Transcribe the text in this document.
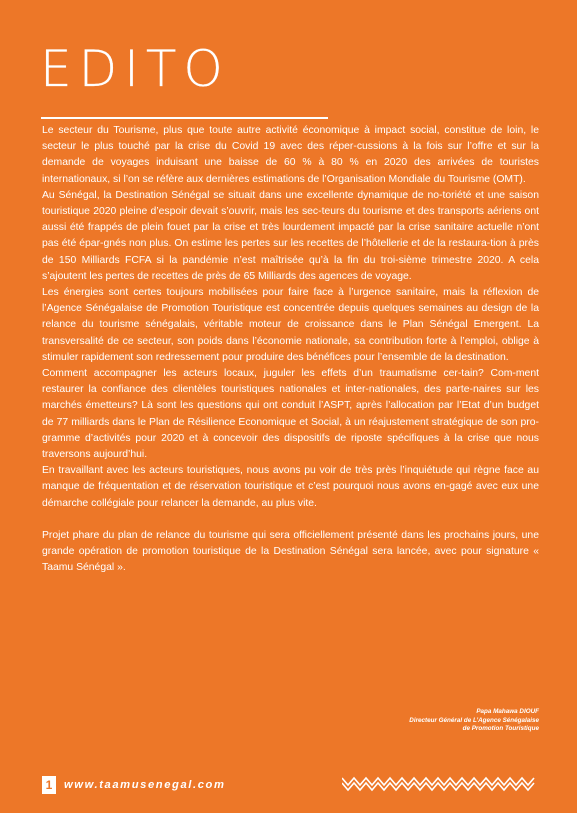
EDITO

Le secteur du Tourisme, plus que toute autre activité économique à impact social, constitue de loin, le secteur le plus touché par la crise du Covid 19 avec des réper-cussions à la fois sur l’offre et sur la demande de voyages induisant une baisse de 60 % à 80 % en 2020 des arrivées de touristes internationaux, si l’on se réfère aux dernières estimations de l’Organisation Mondiale du Tourisme (OMT).

Au Sénégal, la Destination Sénégal se situait dans une excellente dynamique de no-toriété et une saison touristique 2020 pleine d’espoir devait s’ouvrir, mais les sec-teurs du tourisme et des transports aériens ont aussi été frappés de plein fouet par la crise et très lourdement impacté par la crise sanitaire actuelle n’ont pas été épar-gnés non plus. On estime les pertes sur les recettes de l’hôtellerie et de la restaura-tion à près de 150 Milliards FCFA si la pandémie n’est maîtrisée qu’à la fin du troi-sième trimestre 2020. A cela s’ajoutent les pertes de recettes de près de 65 Milliards des agences de voyage.

Les énergies sont certes toujours mobilisées pour faire face à l’urgence sanitaire, mais la réflexion de l’Agence Sénégalaise de Promotion Touristique est concentrée depuis quelques semaines au design de la relance du tourisme sénégalais, véritable moteur de croissance dans le Plan Sénégal Emergent. La transversalité de ce secteur, son poids dans l’économie nationale, sa contribution forte à l’emploi, oblige à stimuler rapidement son redressement pour produire des bénéfices pour l’ensemble de la destination.

Comment accompagner les acteurs locaux, juguler les effets d’un traumatisme cer-tain? Com-ment restaurer la confiance des clientèles touristiques nationales et inter-nationales, des parte-naires sur les marchés émetteurs? Là sont les questions qui ont conduit l’ASPT, après l’allocation par l’Etat d’un budget de 77 milliards dans le Plan de Résilience Economique et Social, à un réajustement stratégique de son pro-gramme d’activités pour 2020 et à concevoir des dispositifs de riposte spécifiques à la crise que nous traversons aujourd’hui.

En travaillant avec les acteurs touristiques, nous avons pu voir de très près l’inquiétude qui règne face au manque de fréquentation et de réservation touristique et c’est pourquoi nous avons en-gagé avec eux une démarche collégiale pour relancer la demande, au plus vite.

Projet phare du plan de relance du tourisme qui sera officiellement présenté dans les prochains jours, une grande opération de promotion touristique de la Destination Sénégal sera lancée, avec pour signature « Taamu Sénégal ».

Papa Mahawa DIOUF
Directeur Général de L’Agence Sénégalaise
de Promotion Touristique
1	www.taamusenegal.com
